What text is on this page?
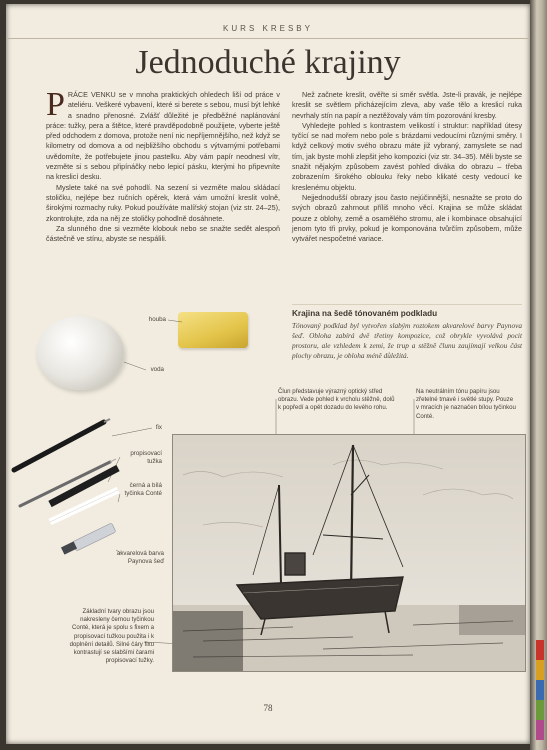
KURS KRESBY
Jednoduché krajiny

PRÁCE VENKU se v mnoha praktických ohledech liší od práce v ateliéru. Veškeré vybavení, které si berete s sebou, musí být lehké a snadno přenosné. Zvlášť důležité je předběžné naplánování práce: tužky, pera a štětce, které pravděpodobně použijete, vyberte ještě před odchodem z domova, protože není nic nepříjemnějšího, než když se kilometry od domova a od nejbližšího obchodu s výtvarnými potřebami uvědomíte, že potřebujete jinou pastelku. Aby vám papír neodnesl vítr, vezměte si s sebou připínáčky nebo lepicí pásku, kterými ho připevníte na kreslicí desku.

Myslete také na své pohodlí. Na sezení si vezměte malou skládací stoličku, nejlépe bez ručních opěrek, která vám umožní kreslit volně, širokými rozmachy ruky. Pokud používáte malířský stojan (viz str. 24–25), zkontrolujte, zda na něj ze stoličky pohodlně dosáhnete.

Za slunného dne si vezměte klobouk nebo se snažte sedět alespoň částečně ve stínu, abyste se nespálili.

Než začnete kreslit, ověřte si směr světla. Jste-li pravák, je nejlépe kreslit se světlem přicházejícím zleva, aby vaše tělo a kreslicí ruka nevrhaly stín na papír a neztěžovaly vám tím pozorování kresby.

Vyhledejte pohled s kontrastem velikostí i struktur: například útesy tyčící se nad mořem nebo pole s brázdami vedoucími různými směry. I když celkový motiv svého obrazu máte již vybraný, zamyslete se nad tím, jak byste mohli zlepšit jeho kompozici (viz str. 34–35). Měli byste se snažit nějakým způsobem zavést pohled diváka do obrazu – třeba zobrazením širokého oblouku řeky nebo klikaté cesty vedoucí ke kreslenému objektu.

Nejjednodušší obrazy jsou často nejúčinnější, nesnažte se proto do svých obrazů zahrnout příliš mnoho věcí. Krajina se může skládat pouze z oblohy, země a osamělého stromu, ale i kombinace obsahující jenom tyto tři prvky, pokud je komponována tvůrčím způsobem, může vytvářet nespočetné variace.

Krajina na šedě tónovaném podkladu
Tónovaný podklad byl vytvořen slabým roztokem akvarelové barvy Paynova šeď. Obloha zabírá dvě třetiny kompozice, což obrykle vyvolává pocit prostoru, ale vzhledem k zemi, že trup a stěžně člunu zaujímají velkou část plochy obrazu, je obloha méně důležitá.
houba
voda
fix
propisovací tužka
černá a bílá tyčinka Conté
akvarelová barva Paynova šeď
Člun představuje výrazný optický střed obrazu. Vede pohled k vrcholu stěžně, dolů k popředí a opět dozadu do levého rohu.
Na neutrálním tónu papíru jsou zřetelné tmavé i světlé stupy. Pouze v mracích je naznačen bílou tyčinkou Conté.
Základní tvary obrazu jsou nakresleny černou tyčinkou Conté, která je spolu s fixem a propisovací tužkou použita i k doplnění detailů. Silné čáry fixu kontrastují se slabšími čarami propisovací tužky.
78
